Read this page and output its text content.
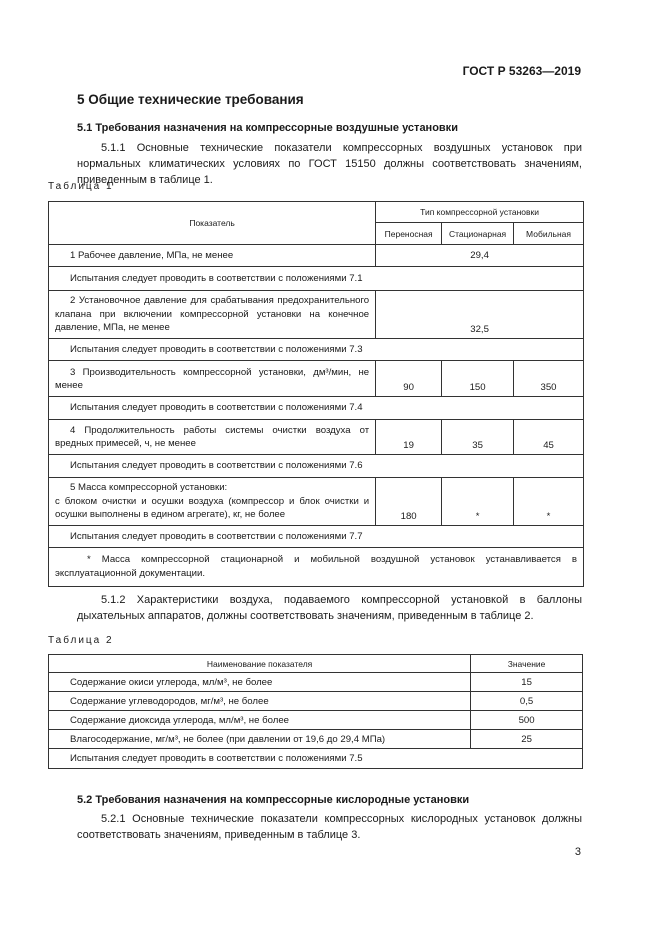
ГОСТ Р 53263—2019
5 Общие технические требования
5.1 Требования назначения на компрессорные воздушные установки
5.1.1 Основные технические показатели компрессорных воздушных установок при нормальных климатических условиях по ГОСТ 15150 должны соответствовать значениям, приведенным в таблице 1.
Таблица 1
Показатель	Тип компрессорной установки		
	Переносная	Стационарная	Мобильная
1 Рабочее давление, МПа, не менее	29,4		
Испытания следует проводить в соответствии с положениями 7.1			
2 Установочное давление для срабатывания предохранительного клапана при включении компрессорной установки на конечное давление, МПа, не менее	32,5		
Испытания следует проводить в соответствии с положениями 7.3			
3 Производительность компрессорной установки, дм³/мин, не менее	90	150	350
Испытания следует проводить в соответствии с положениями 7.4			
4 Продолжительность работы системы очистки воздуха от вредных примесей, ч, не менее	19	35	45
Испытания следует проводить в соответствии с положениями 7.6			

5 Масса компрессорной установки:
с блоком очистки и осушки воздуха (компрессор и блок очистки и осушки выполнены в едином агрегате), кг, не более	180	*	*
Испытания следует проводить в соответствии с положениями 7.7			
* Масса компрессорной стационарной и мобильной воздушной установок устанавливается в эксплуатационной документации.			
5.1.2 Характеристики воздуха, подаваемого компрессорной установкой в баллоны дыхательных аппаратов, должны соответствовать значениям, приведенным в таблице 2.
Таблица 2
Наименование показателя	Значение
Содержание окиси углерода, мл/м³, не более	15
Содержание углеводородов, мг/м³, не более	0,5
Содержание диоксида углерода, мл/м³, не более	500
Влагосодержание, мг/м³, не более (при давлении от 19,6 до 29,4 МПа)	25
Испытания следует проводить в соответствии с положениями 7.5	
5.2 Требования назначения на компрессорные кислородные установки
5.2.1 Основные технические показатели компрессорных кислородных установок должны соответствовать значениям, приведенным в таблице 3.
3
